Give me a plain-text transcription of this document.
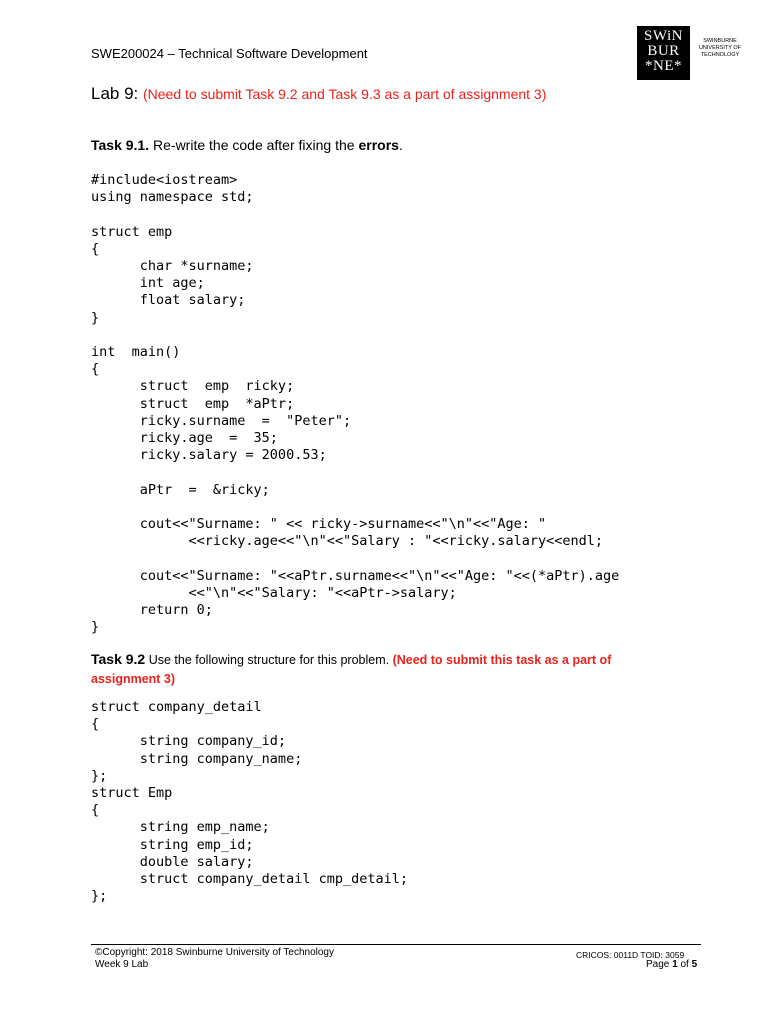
SWE200024 – Technical Software Development
SWiN
BUR
*NE*
SWINBURNE
UNIVERSITY OF
TECHNOLOGY
Lab 9: (Need to submit Task 9.2 and Task 9.3 as a part of assignment 3)
Task 9.1. Re-write the code after fixing the errors.
#include<iostream>
using namespace std;

struct emp
{
char *surname;
int age;
float salary;
}

int  main()
{
struct  emp  ricky;
struct  emp  *aPtr;
ricky.surname  =  "Peter";
ricky.age  =  35;
ricky.salary = 2000.53;

aPtr  =  &ricky;

cout<<"Surname: " << ricky->surname<<"\n"<<"Age: "
<<ricky.age<<"\n"<<"Salary : "<<ricky.salary<<endl;

cout<<"Surname: "<<aPtr.surname<<"\n"<<"Age: "<<(*aPtr).age
<<"\n"<<"Salary: "<<aPtr->salary;
return 0;
}
Task 9.2 Use the following structure for this problem. (Need to submit this task as a part of assignment 3)
struct company_detail
{
string company_id;
string company_name;
};
struct Emp
{
string emp_name;
string emp_id;
double salary;
struct company_detail cmp_detail;
};
©Copyright: 2018 Swinburne University of Technology
Week 9 Lab
CRICOS: 0011D TOID: 3059
Page 1 of 5
